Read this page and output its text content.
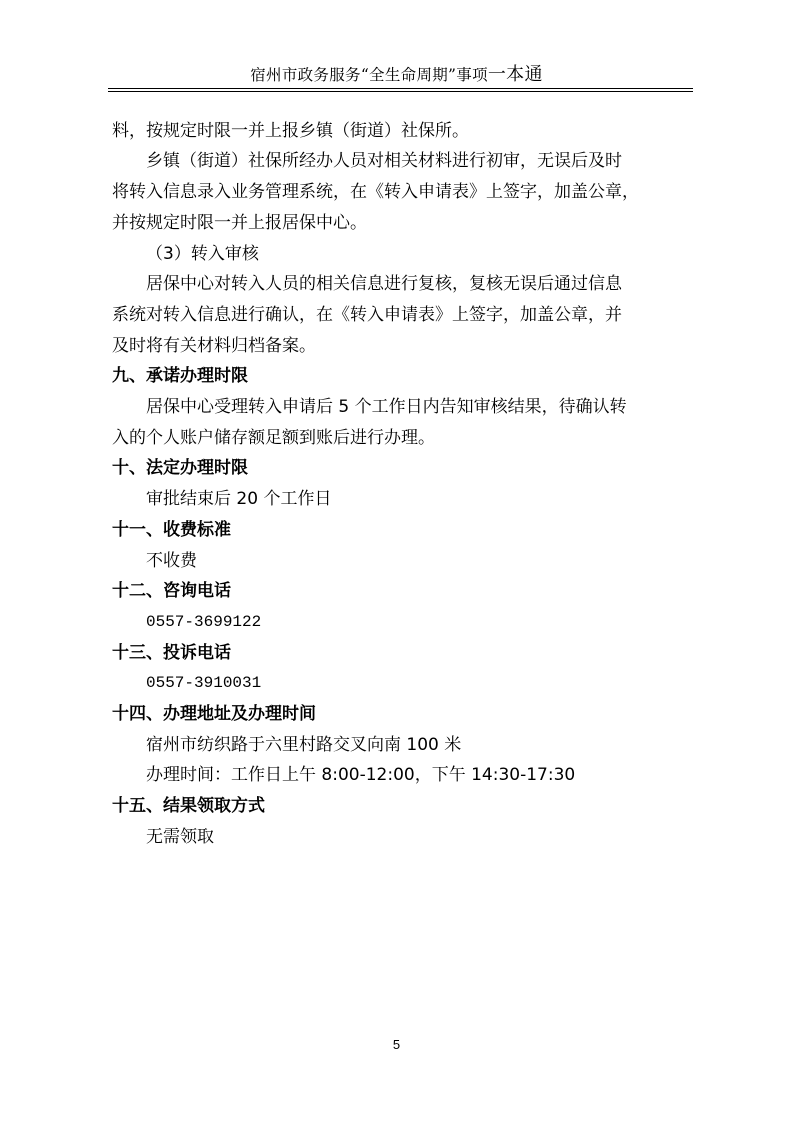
宿州市政务服务“全生命周期”事项一本通
料，按规定时限一并上报乡镇（街道）社保所。
乡镇（街道）社保所经办人员对相关材料进行初审，无误后及时
将转入信息录入业务管理系统，在《转入申请表》上签字，加盖公章，
并按规定时限一并上报居保中心。
（3）转入审核
居保中心对转入人员的相关信息进行复核，复核无误后通过信息
系统对转入信息进行确认，在《转入申请表》上签字，加盖公章，并
及时将有关材料归档备案。
九、承诺办理时限
居保中心受理转入申请后 5 个工作日内告知审核结果，待确认转
入的个人账户储存额足额到账后进行办理。
十、法定办理时限
审批结束后 20 个工作日
十一、收费标准
不收费
十二、咨询电话
0557-3699122
十三、投诉电话
0557-3910031
十四、办理地址及办理时间
宿州市纺织路于六里村路交叉向南 100 米
办理时间：工作日上午 8:00-12:00，下午 14:30-17:30
十五、结果领取方式
无需领取
5
